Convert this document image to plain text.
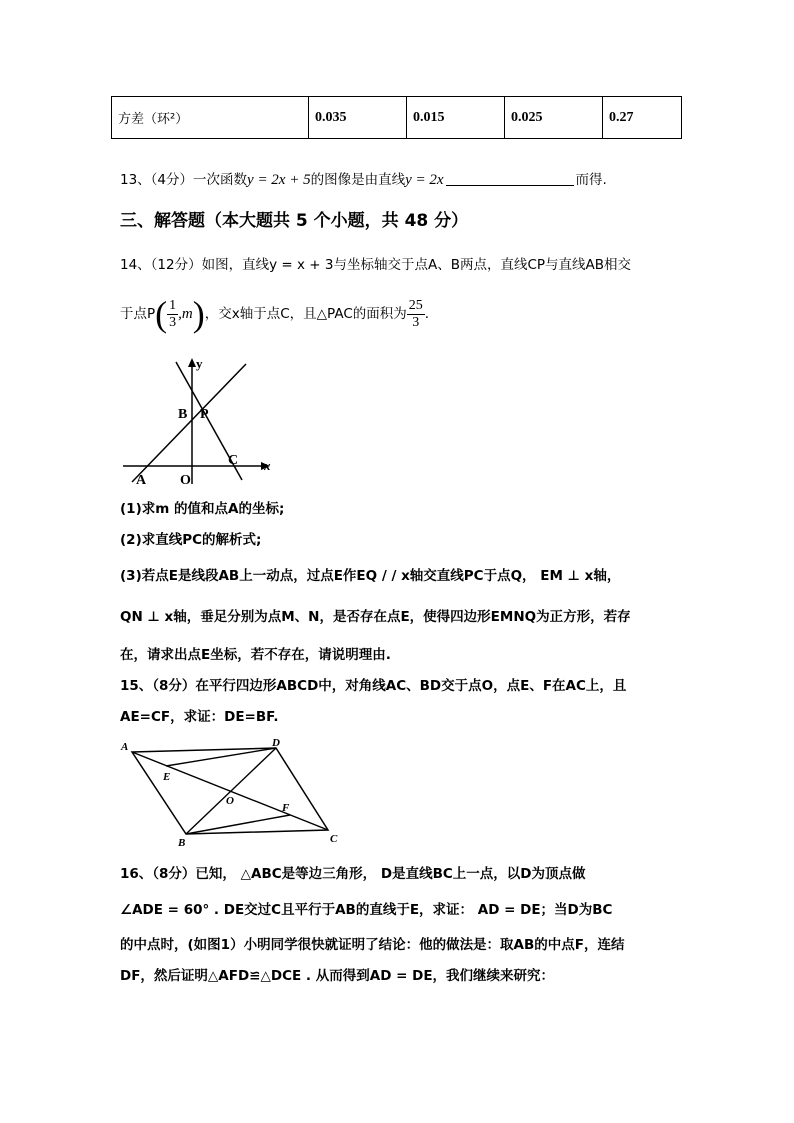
方差（环²）	0.035	0.015	0.025	0.27
13、（4分）一次函数y = 2x + 5的图像是由直线y = 2x	而得.
三、解答题（本大题共 5 个小题，共 48 分）
14、（12分）如图，直线y = x + 3与坐标轴交于点A、B两点，直线CP与直线AB相交
于点P ( $\frac{1}{3} ,m$ ) ，交x轴于点C，且△PAC的面积为 $\frac{25}{3}$ .
y
x
B P
C
A O
(1)求m 的值和点A的坐标;
(2)求直线PC的解析式;
(3)若点E是线段AB上一动点，过点E作EQ / / x轴交直线PC于点Q， EM ⊥ x轴，
QN ⊥ x轴，垂足分别为点M、N，是否存在点E，使得四边形EMNQ为正方形，若存
在，请求出点E坐标，若不存在，请说明理由.
15、（8分）在平行四边形ABCD中，对角线AC、BD交于点O，点E、F在AC上，且
AE=CF，求证：DE=BF.
A	D
E
O
F
B	C
16、（8分）已知， △ABC是等边三角形， D是直线BC上一点，以D为顶点做
∠ADE = 60° . DE交过C且平行于AB的直线于E，求证： AD = DE；当D为BC
的中点时，(如图1）小明同学很快就证明了结论：他的做法是：取AB的中点F，连结
DF，然后证明△AFD≌△DCE . 从而得到AD = DE，我们继续来研究：
